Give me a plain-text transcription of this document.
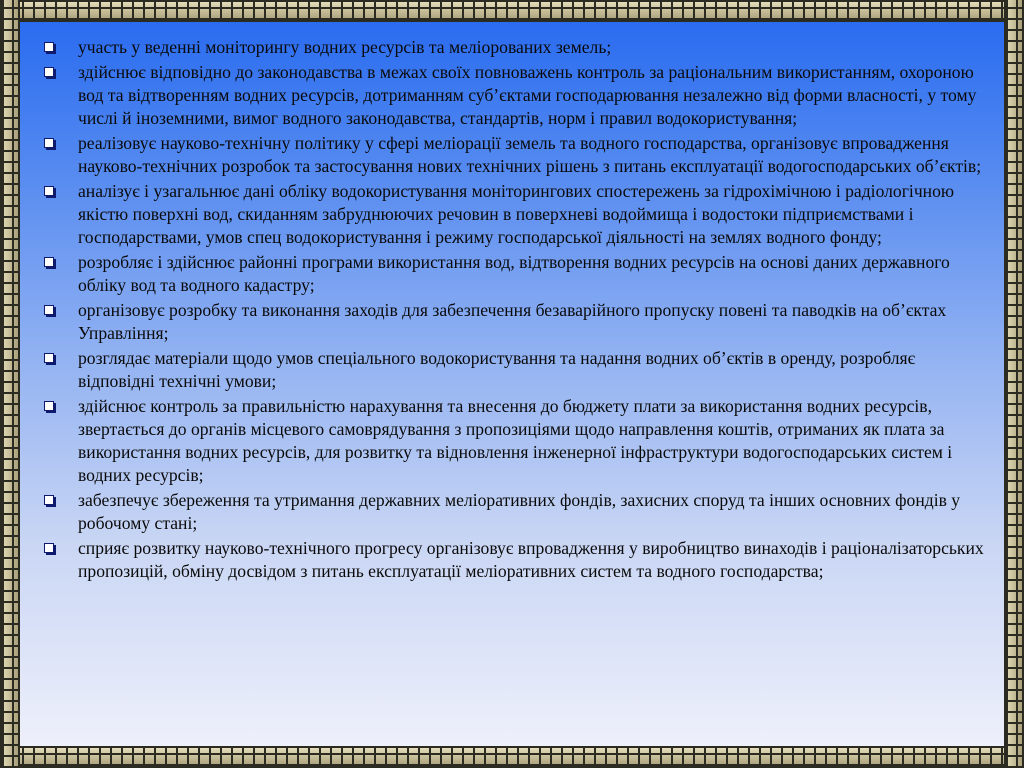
участь у веденні моніторингу водних ресурсів та меліорованих земель;
здійснює відповідно до законодавства в межах своїх повноважень контроль за раціональним використанням, охороною вод та відтворенням водних ресурсів, дотриманням суб’єктами господарювання незалежно від форми власності, у тому числі й іноземними, вимог водного законодавства, стандартів, норм і правил водокористування;
реалізовує науково-технічну політику у сфері меліорації земель та водного господарства, організовує впровадження науково-технічних розробок та застосування нових технічних рішень з питань експлуатації водогосподарських об’єктів;
аналізує і узагальнює дані обліку водокористування моніторингових спостережень за гідрохімічною і радіологічною якістю поверхні вод, скиданням забруднюючих речовин в поверхневі водоймища і водостоки підприємствами і господарствами, умов спец водокористування і режиму господарської діяльності на землях водного фонду;
розробляє і здійснює районні програми використання вод, відтворення водних ресурсів на основі даних державного обліку вод та водного кадастру;
організовує розробку та виконання заходів для забезпечення безаварійного пропуску повені та паводків на об’єктах Управління;
розглядає матеріали щодо умов спеціального водокористування та надання водних об’єктів в оренду, розробляє відповідні технічні умови;
здійснює контроль за правильністю нарахування та внесення до бюджету плати за використання водних ресурсів, звертається до органів місцевого самоврядування з пропозиціями щодо направлення коштів, отриманих як плата за використання водних ресурсів, для розвитку та відновлення інженерної інфраструктури водогосподарських систем і водних ресурсів;
забезпечує збереження та утримання державних меліоративних фондів, захисних споруд та інших основних фондів у робочому стані;
сприяє розвитку науково-технічного прогресу організовує впровадження у виробництво винаходів і раціоналізаторських пропозицій, обміну досвідом з питань експлуатації меліоративних систем та водного господарства;
